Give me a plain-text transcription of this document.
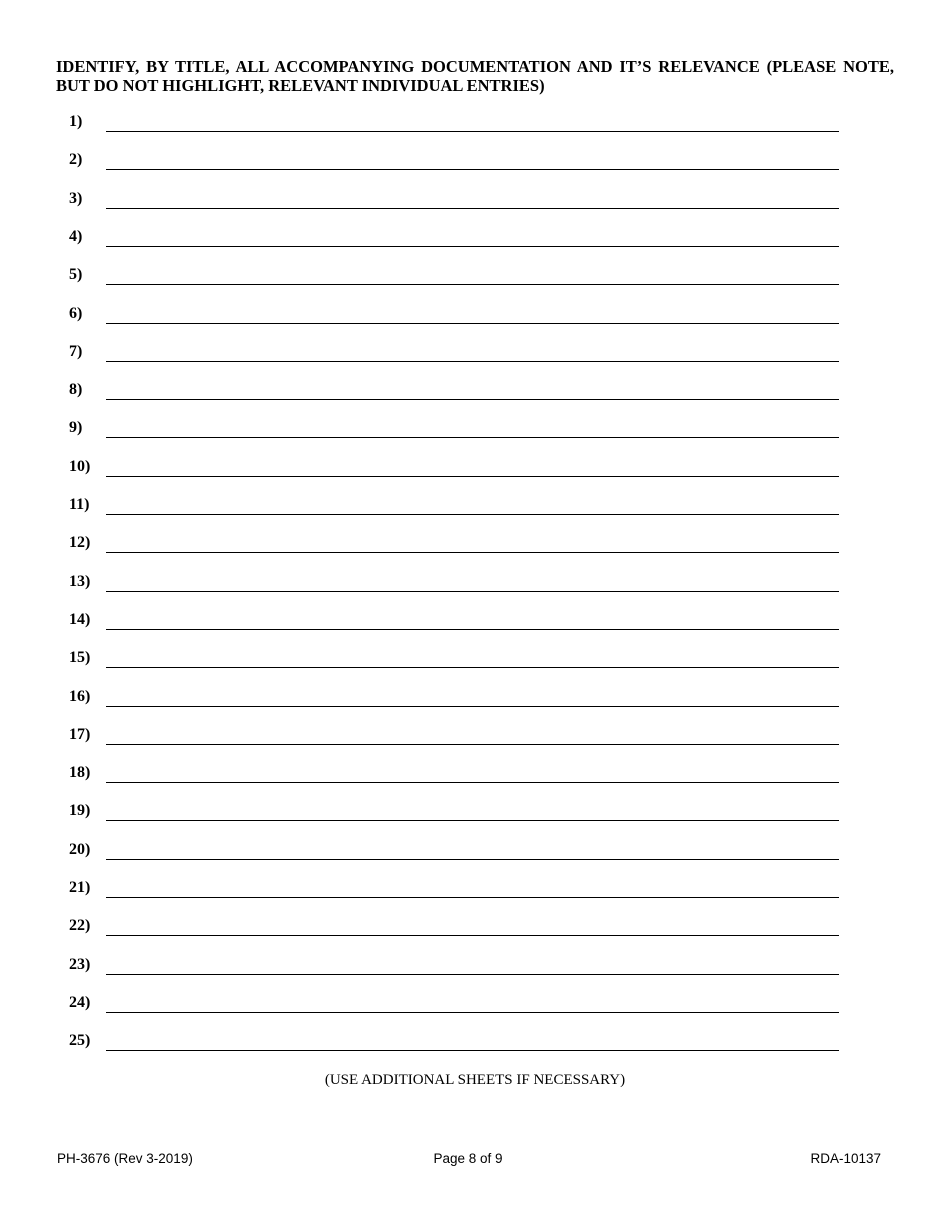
IDENTIFY, BY TITLE, ALL ACCOMPANYING DOCUMENTATION AND IT’S RELEVANCE (PLEASE NOTE, BUT DO NOT HIGHLIGHT, RELEVANT INDIVIDUAL ENTRIES)
1)
2)
3)
4)
5)
6)
7)
8)
9)
10)
11)
12)
13)
14)
15)
16)
17)
18)
19)
20)
21)
22)
23)
24)
25)
(USE ADDITIONAL SHEETS IF NECESSARY)
PH-3676 (Rev 3-2019)	Page 8 of 9	RDA-10137
